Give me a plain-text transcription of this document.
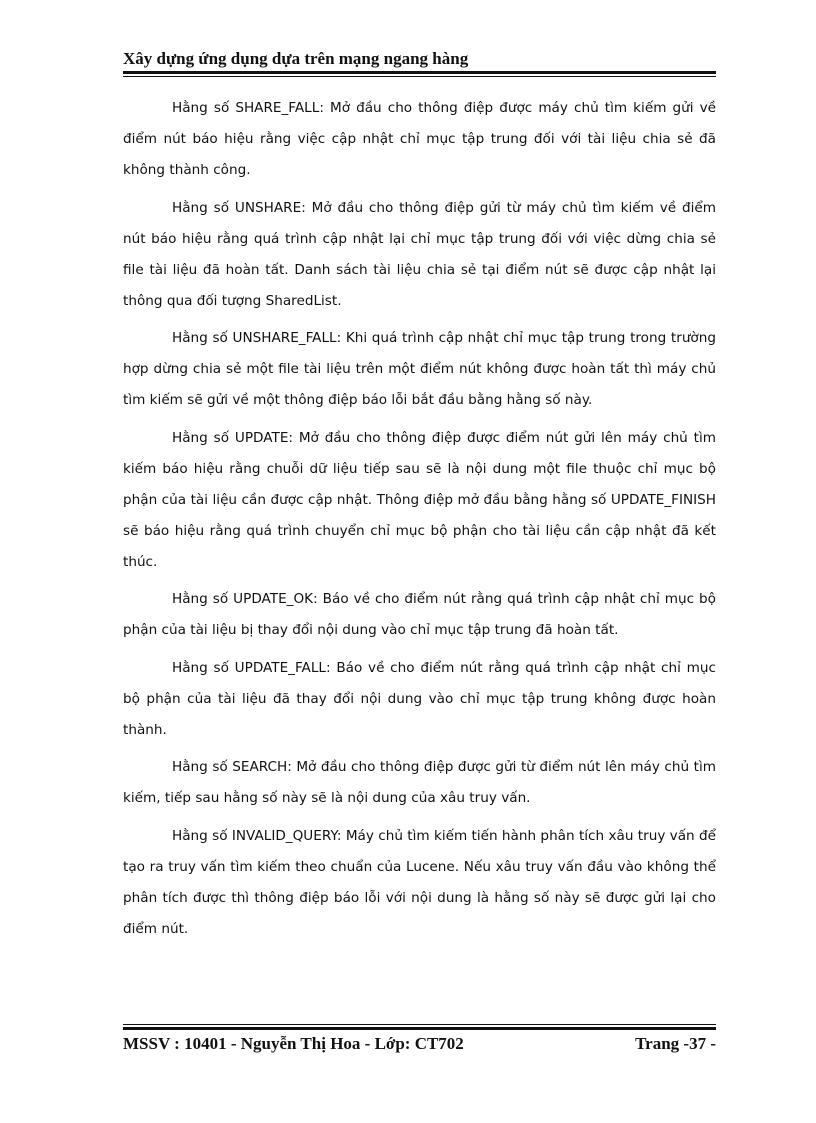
Xây dựng ứng dụng dựa trên mạng ngang hàng

Hằng số SHARE_FALL: Mở đầu cho thông điệp được máy chủ tìm kiếm gửi về điểm nút báo hiệu rằng việc cập nhật chỉ mục tập trung đối với tài liệu chia sẻ đã không thành công.

Hằng số UNSHARE: Mở đầu cho thông điệp gửi từ máy chủ tìm kiếm về điểm nút báo hiệu rằng quá trình cập nhật lại chỉ mục tập trung đối với việc dừng chia sẻ file tài liệu đã hoàn tất. Danh sách tài liệu chia sẻ tại điểm nút sẽ được cập nhật lại thông qua đối tượng SharedList.

Hằng số UNSHARE_FALL: Khi quá trình cập nhật chỉ mục tập trung trong trường hợp dừng chia sẻ một file tài liệu trên một điểm nút không được hoàn tất thì máy chủ tìm kiếm sẽ gửi về một thông điệp báo lỗi bắt đầu bằng hằng số này.

Hằng số UPDATE: Mở đầu cho thông điệp được điểm nút gửi lên máy chủ tìm kiếm báo hiệu rằng chuỗi dữ liệu tiếp sau sẽ là nội dung một file thuộc chỉ mục bộ phận của tài liệu cần được cập nhật. Thông điệp mở đầu bằng hằng số UPDATE_FINISH sẽ báo hiệu rằng quá trình chuyển chỉ mục bộ phận cho tài liệu cần cập nhật đã kết thúc.

Hằng số UPDATE_OK: Báo về cho điểm nút rằng quá trình cập nhật chỉ mục bộ phận của tài liệu bị thay đổi nội dung vào chỉ mục tập trung đã hoàn tất.

Hằng số UPDATE_FALL: Báo về cho điểm nút rằng quá trình cập nhật chỉ mục bộ phận của tài liệu đã thay đổi nội dung vào chỉ mục tập trung không được hoàn thành.

Hằng số SEARCH: Mở đầu cho thông điệp được gửi từ điểm nút lên máy chủ tìm kiếm, tiếp sau hằng số này sẽ là nội dung của xâu truy vấn.

Hằng số INVALID_QUERY: Máy chủ tìm kiếm tiến hành phân tích xâu truy vấn để tạo ra truy vấn tìm kiếm theo chuẩn của Lucene. Nếu xâu truy vấn đầu vào không thể phân tích được thì thông điệp báo lỗi với nội dung là hằng số này sẽ được gửi lại cho điểm nút.

MSSV : 10401 - Nguyễn Thị Hoa - Lớp: CT702	Trang -37 -
